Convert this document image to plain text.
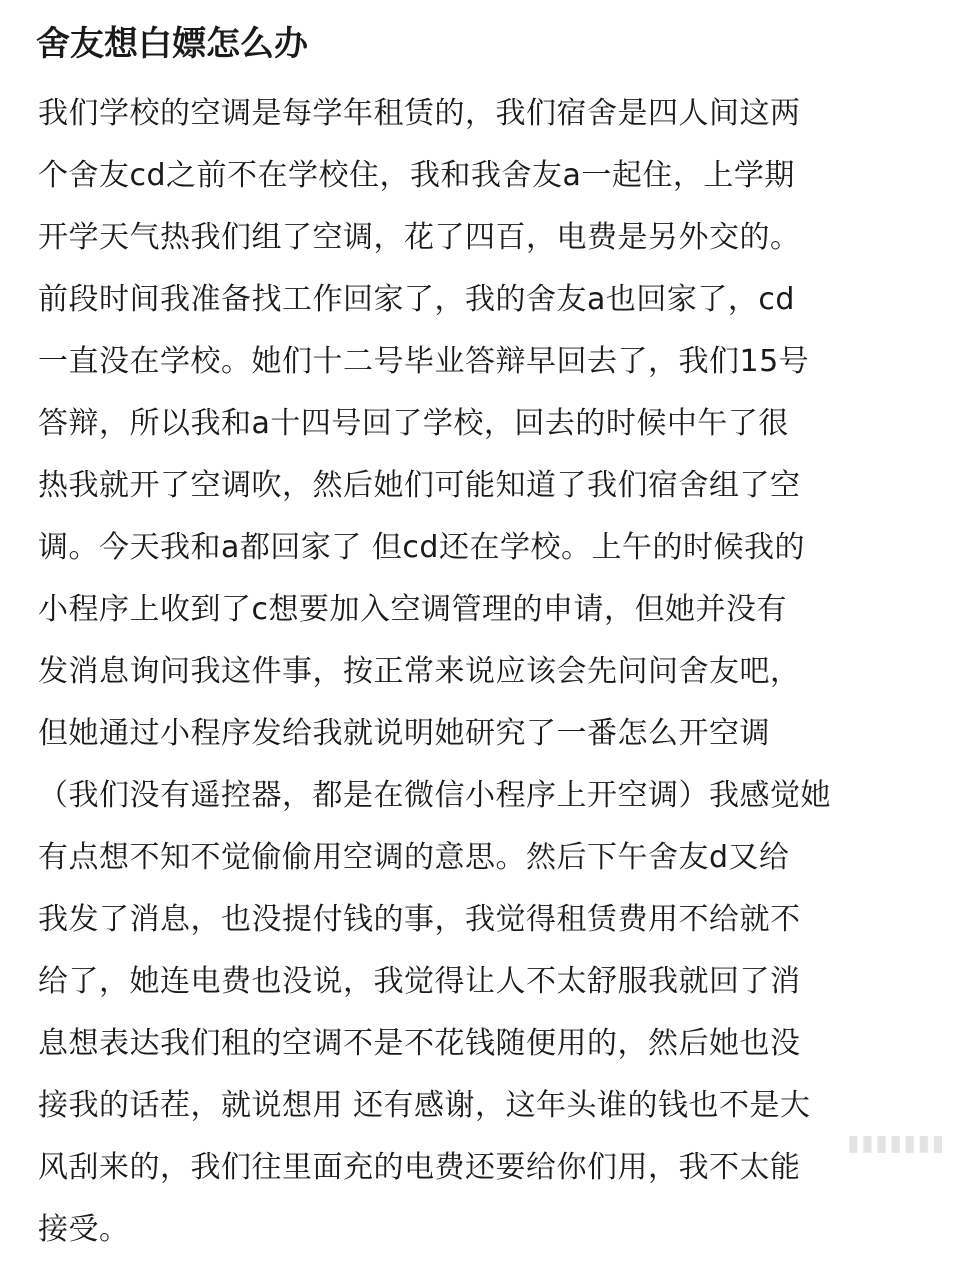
舍友想白嫖怎么办
我们学校的空调是每学年租赁的，我们宿舍是四人间这两
个舍友cd之前不在学校住，我和我舍友a一起住，上学期
开学天气热我们组了空调，花了四百，电费是另外交的。
前段时间我准备找工作回家了，我的舍友a也回家了，cd
一直没在学校。她们十二号毕业答辩早回去了，我们15号
答辩，所以我和a十四号回了学校，回去的时候中午了很
热我就开了空调吹，然后她们可能知道了我们宿舍组了空
调。今天我和a都回家了 但cd还在学校。上午的时候我的
小程序上收到了c想要加入空调管理的申请，但她并没有
发消息询问我这件事，按正常来说应该会先问问舍友吧，
但她通过小程序发给我就说明她研究了一番怎么开空调
（我们没有遥控器，都是在微信小程序上开空调）我感觉她
有点想不知不觉偷偷用空调的意思。然后下午舍友d又给
我发了消息，也没提付钱的事，我觉得租赁费用不给就不
给了，她连电费也没说，我觉得让人不太舒服我就回了消
息想表达我们租的空调不是不花钱随便用的，然后她也没
接我的话茬，就说想用 还有感谢，这年头谁的钱也不是大
风刮来的，我们往里面充的电费还要给你们用，我不太能
接受。
▮▮▮▮▮▮▮
